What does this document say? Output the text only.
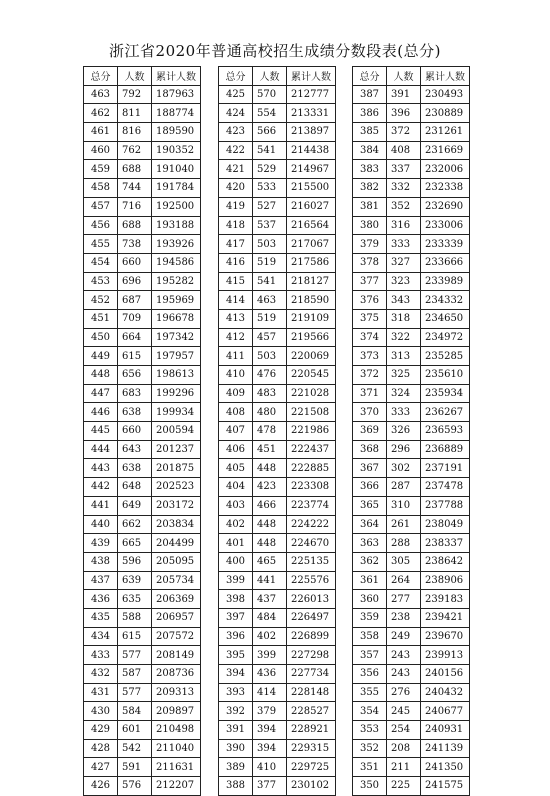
浙江省2020年普通高校招生成绩分数段表(总分)
总分	人数	累计人数
463	792	187963
462	811	188774
461	816	189590
460	762	190352
459	688	191040
458	744	191784
457	716	192500
456	688	193188
455	738	193926
454	660	194586
453	696	195282
452	687	195969
451	709	196678
450	664	197342
449	615	197957
448	656	198613
447	683	199296
446	638	199934
445	660	200594
444	643	201237
443	638	201875
442	648	202523
441	649	203172
440	662	203834
439	665	204499
438	596	205095
437	639	205734
436	635	206369
435	588	206957
434	615	207572
433	577	208149
432	587	208736
431	577	209313
430	584	209897
429	601	210498
428	542	211040
427	591	211631
426	576	212207
总分	人数	累计人数
425	570	212777
424	554	213331
423	566	213897
422	541	214438
421	529	214967
420	533	215500
419	527	216027
418	537	216564
417	503	217067
416	519	217586
415	541	218127
414	463	218590
413	519	219109
412	457	219566
411	503	220069
410	476	220545
409	483	221028
408	480	221508
407	478	221986
406	451	222437
405	448	222885
404	423	223308
403	466	223774
402	448	224222
401	448	224670
400	465	225135
399	441	225576
398	437	226013
397	484	226497
396	402	226899
395	399	227298
394	436	227734
393	414	228148
392	379	228527
391	394	228921
390	394	229315
389	410	229725
388	377	230102
总分	人数	累计人数
387	391	230493
386	396	230889
385	372	231261
384	408	231669
383	337	232006
382	332	232338
381	352	232690
380	316	233006
379	333	233339
378	327	233666
377	323	233989
376	343	234332
375	318	234650
374	322	234972
373	313	235285
372	325	235610
371	324	235934
370	333	236267
369	326	236593
368	296	236889
367	302	237191
366	287	237478
365	310	237788
364	261	238049
363	288	238337
362	305	238642
361	264	238906
360	277	239183
359	238	239421
358	249	239670
357	243	239913
356	243	240156
355	276	240432
354	245	240677
353	254	240931
352	208	241139
351	211	241350
350	225	241575
